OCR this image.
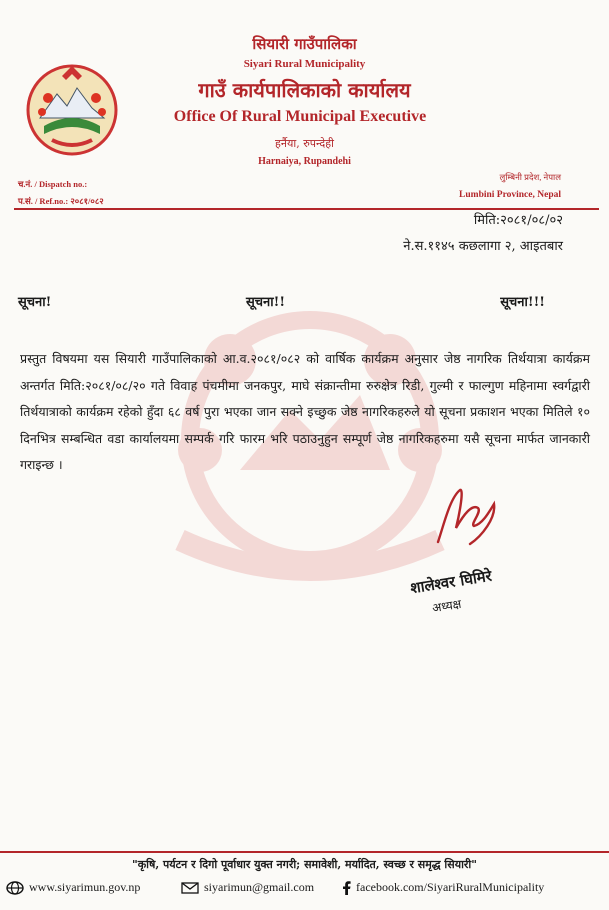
सियारी गाउँपालिका
Siyari Rural Municipality
गाउँ कार्यपालिकाको कार्यालय
Office Of Rural Municipal Executive
हर्नैया, रुपन्देही
Harnaiya, Rupandehi
च.नं. / Dispatch no.:
प.सं. / Ref.no.: २०८१/०८२
लुम्बिनी प्रदेश, नेपाल
Lumbini Province, Nepal
मिति:२०८१/०८/०२
ने.स.११४५ कछलागा २, आइतबार
सूचना!	सूचना!!	सूचना!!!
प्रस्तुत विषयमा यस सियारी गाउँपालिकाको आ.व.२०८१/०८२ को वार्षिक कार्यक्रम अनुसार जेष्ठ नागरिक तिर्थयात्रा कार्यक्रम अन्तर्गत मिति:२०८१/०८/२० गते विवाह पंचमीमा जनकपुर, माघे संक्रान्तीमा रुरुक्षेत्र रिडी, गुल्मी र फाल्गुण महिनामा स्वर्गद्वारी तिर्थयात्राको कार्यक्रम रहेको हुँदा ६८ वर्ष पुरा भएका जान सक्ने इच्छुक जेष्ठ नागरिकहरुले यो सूचना प्रकाशन भएका मितिले १० दिनभित्र सम्बन्धित वडा कार्यालयमा सम्पर्क गरि फारम भरि पठाउनुहुन सम्पूर्ण जेष्ठ नागरिकहरुमा यसै सूचना मार्फत जानकारी गराइन्छ ।
शालेश्वर घिमिरे
अध्यक्ष
"कृषि, पर्यटन र दिगो पूर्वाधार युक्त नगरी; समावेशी, मर्यादित, स्वच्छ र समृद्ध सियारी"
www.siyarimun.gov.np	siyarimun@gmail.com	facebook.com/SiyariRuralMunicipality
